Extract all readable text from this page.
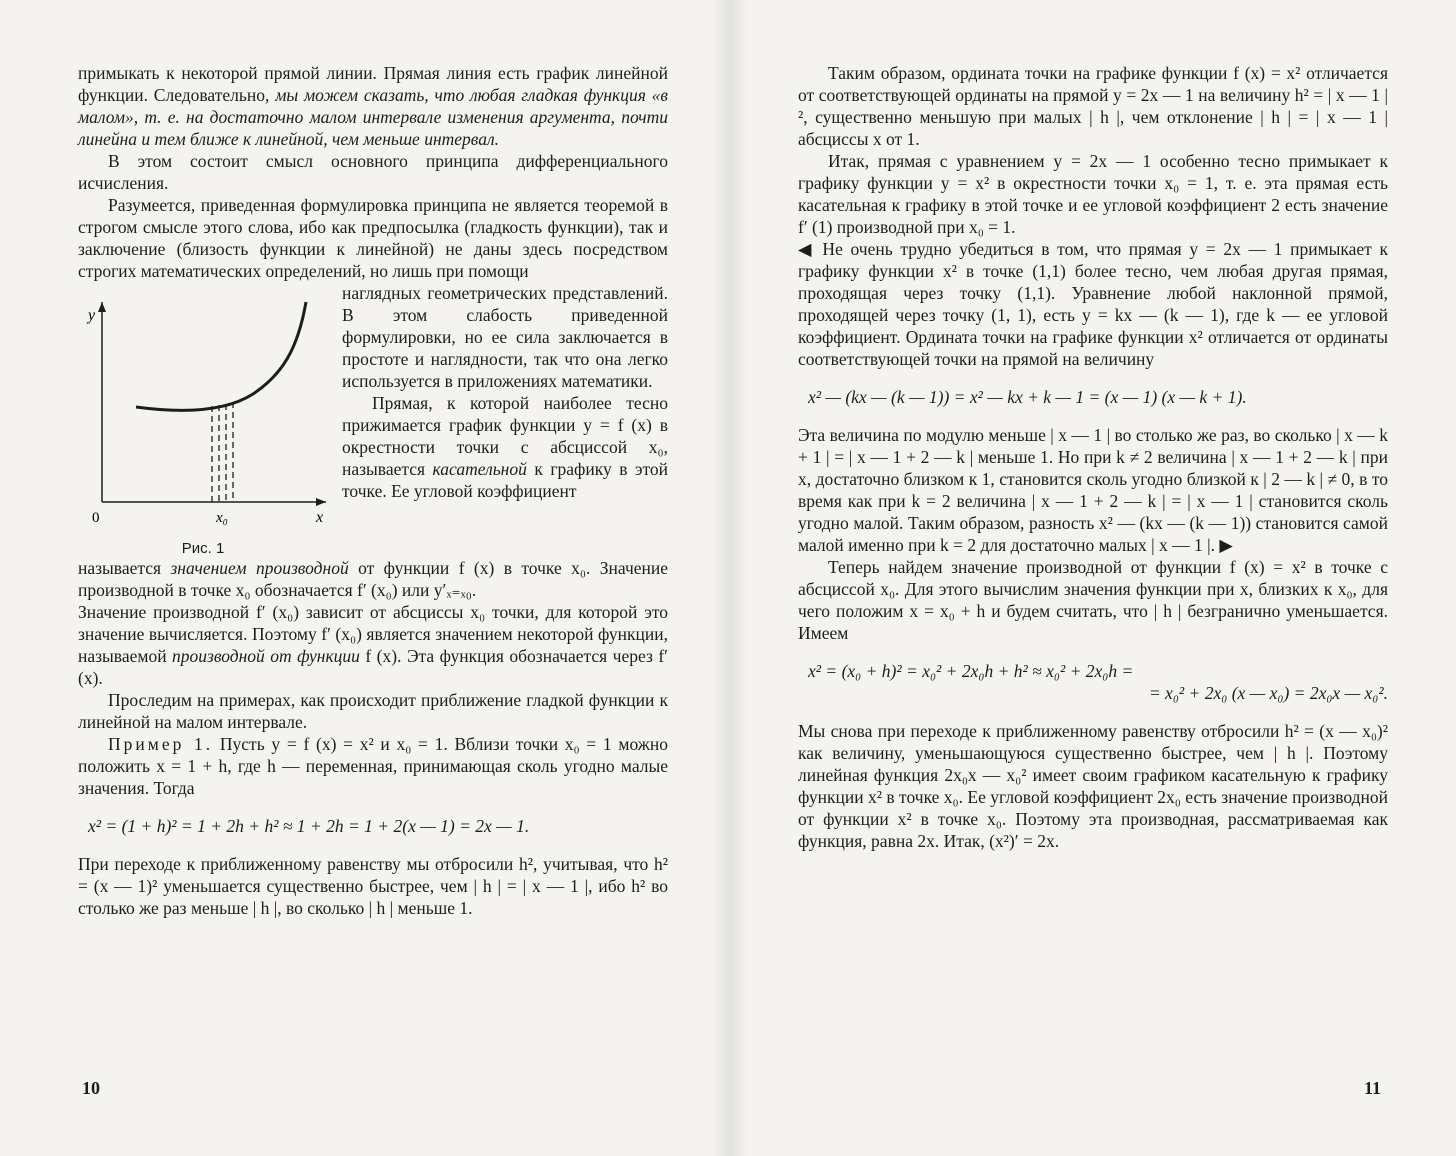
примыкать к некоторой прямой линии. Прямая линия есть график линейной функции. Следовательно, мы можем сказать, что любая гладкая функция «в малом», т. е. на достаточно малом интервале изменения аргумента, почти линейна и тем ближе к линейной, чем меньше интервал.

В этом состоит смысл основного принципа дифференциального исчисления.

Разумеется, приведенная формулировка принципа не является теоремой в строгом смысле этого слова, ибо как предпосылка (гладкость функции), так и заключение (близость функции к линейной) не даны здесь посредством строгих математических определений, но лишь при помощи

y
x
0	x₀
Рис. 1

наглядных геометрических представлений. В этом слабость приведенной формулировки, но ее сила заключается в простоте и наглядности, так что она легко используется в приложениях математики.

Прямая, к которой наиболее тесно прижимается график функции y = f (x) в окрестности точки с абсциссой x₀, называется касательной к графику в этой точке. Ее угловой коэффициент

называется значением производной от функции f (x) в точке x₀. Значение производной в точке x₀ обозначается f′ (x₀) или y′ₓ₌ₓ₀.

Значение производной f′ (x₀) зависит от абсциссы x₀ точки, для которой это значение вычисляется. Поэтому f′ (x₀) является значением некоторой функции, называемой производной от функции f (x). Эта функция обозначается через f′ (x).

Проследим на примерах, как происходит приближение гладкой функции к линейной на малом интервале.

Пример 1. Пусть y = f (x) = x² и x₀ = 1. Вблизи точки x₀ = 1 можно положить x = 1 + h, где h — переменная, принимающая сколь угодно малые значения. Тогда

x² = (1 + h)² = 1 + 2h + h² ≈ 1 + 2h = 1 + 2(x — 1) = 2x — 1.

При переходе к приближенному равенству мы отбросили h², учитывая, что h² = (x — 1)² уменьшается существенно быстрее, чем | h | = | x — 1 |, ибо h² во столько же раз меньше | h |, во сколько | h | меньше 1.

10

Таким образом, ордината точки на графике функции f (x) = x² отличается от соответствующей ординаты на прямой y = 2x — 1 на величину h² = | x — 1 |², существенно меньшую при малых | h |, чем отклонение | h | = | x — 1 | абсциссы x от 1.

Итак, прямая с уравнением y = 2x — 1 особенно тесно примыкает к графику функции y = x² в окрестности точки x₀ = 1, т. е. эта прямая есть касательная к графику в этой точке и ее угловой коэффициент 2 есть значение f′ (1) производной при x₀ = 1.

◀ Не очень трудно убедиться в том, что прямая y = 2x — 1 примыкает к графику функции x² в точке (1,1) более тесно, чем любая другая прямая, проходящая через точку (1,1). Уравнение любой наклонной прямой, проходящей через точку (1, 1), есть y = kx — (k — 1), где k — ее угловой коэффициент. Ордината точки на графике функции x² отличается от ординаты соответствующей точки на прямой на величину

x² — (kx — (k — 1)) = x² — kx + k — 1 = (x — 1) (x — k + 1).

Эта величина по модулю меньше | x — 1 | во столько же раз, во сколько | x — k + 1 | = | x — 1 + 2 — k | меньше 1. Но при k ≠ 2 величина | x — 1 + 2 — k | при x, достаточно близком к 1, становится сколь угодно близкой к | 2 — k | ≠ 0, в то время как при k = 2 величина | x — 1 + 2 — k | = | x — 1 | становится сколь угодно малой. Таким образом, разность x² — (kx — (k — 1)) становится самой малой именно при k = 2 для достаточно малых | x — 1 |. ▶

Теперь найдем значение производной от функции f (x) = x² в точке с абсциссой x₀. Для этого вычислим значения функции при x, близких к x₀, для чего положим x = x₀ + h и будем считать, что | h | безгранично уменьшается. Имеем

x² = (x₀ + h)² = x₀² + 2x₀h + h² ≈ x₀² + 2x₀h =
= x₀² + 2x₀ (x — x₀) = 2x₀x — x₀².

Мы снова при переходе к приближенному равенству отбросили h² = (x — x₀)² как величину, уменьшающуюся существенно быстрее, чем | h |. Поэтому линейная функция 2x₀x — x₀² имеет своим графиком касательную к графику функции x² в точке x₀. Ее угловой коэффициент 2x₀ есть значение производной от функции x² в точке x₀. Поэтому эта производная, рассматриваемая как функция, равна 2x. Итак, (x²)′ = 2x.

11
